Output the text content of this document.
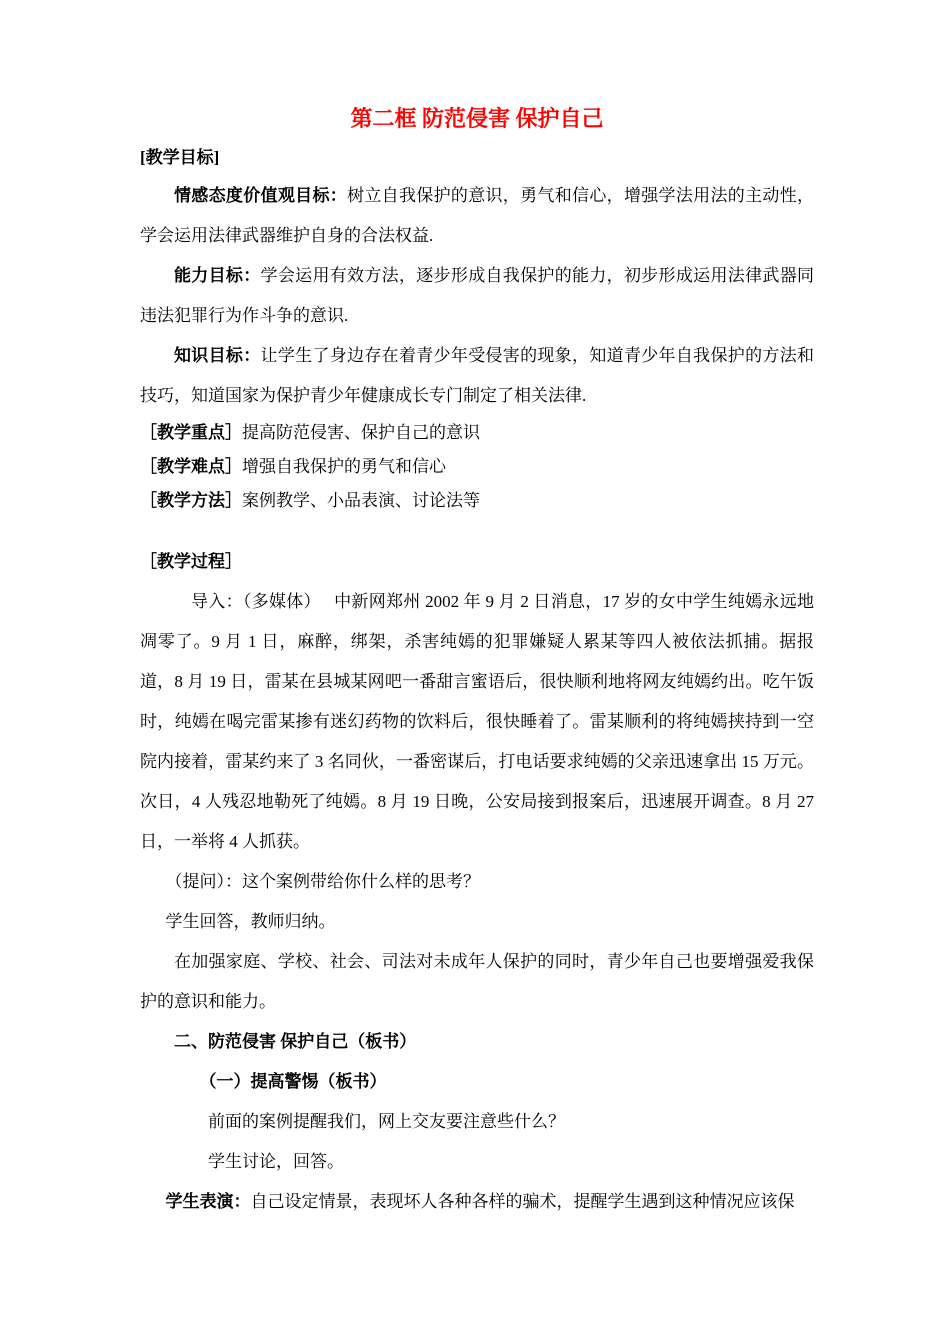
第二框 防范侵害 保护自己

[教学目标]

情感态度价值观目标：树立自我保护的意识，勇气和信心，增强学法用法的主动性，学会运用法律武器维护自身的合法权益.

能力目标：学会运用有效方法，逐步形成自我保护的能力，初步形成运用法律武器同违法犯罪行为作斗争的意识.

知识目标：让学生了身边存在着青少年受侵害的现象，知道青少年自我保护的方法和技巧，知道国家为保护青少年健康成长专门制定了相关法律.

［教学重点］提高防范侵害、保护自己的意识

［教学难点］增强自我保护的勇气和信心

［教学方法］案例教学、小品表演、讨论法等

［教学过程］

导入：（多媒体）　 中新网郑州 2002 年 9 月 2 日消息，17 岁的女中学生纯嫣永远地凋零了。9 月 1 日，麻醉，绑架，杀害纯嫣的犯罪嫌疑人累某等四人被依法抓捕。据报道，8 月 19 日，雷某在县城某网吧一番甜言蜜语后，很快顺利地将网友纯嫣约出。吃午饭时，纯嫣在喝完雷某掺有迷幻药物的饮料后，很快睡着了。雷某顺利的将纯嫣挟持到一空院内接着，雷某约来了 3 名同伙，一番密谋后，打电话要求纯嫣的父亲迅速拿出 15 万元。次日，4 人残忍地勒死了纯嫣。8 月 19 日晚，公安局接到报案后，迅速展开调查。8 月 27 日，一举将 4 人抓获。

（提问）：这个案例带给你什么样的思考？

学生回答，教师归纳。

在加强家庭、学校、社会、司法对未成年人保护的同时，青少年自己也要增强爱我保护的意识和能力。

二、防范侵害 保护自己（板书）

（一）提高警惕（板书）

前面的案例提醒我们，网上交友要注意些什么？

学生讨论，回答。

学生表演：自己设定情景，表现坏人各种各样的骗术，提醒学生遇到这种情况应该保
